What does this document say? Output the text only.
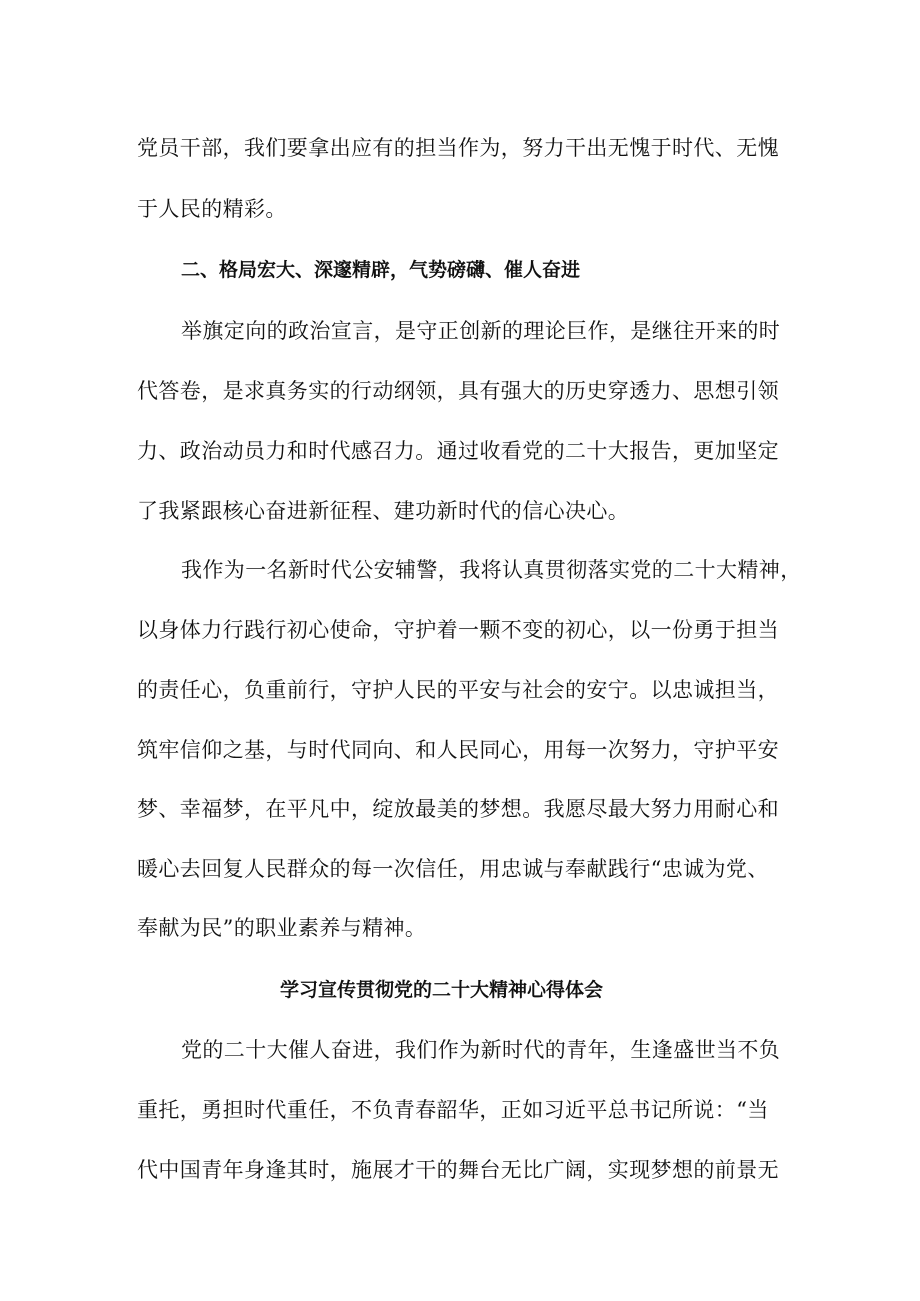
党员干部，我们要拿出应有的担当作为，努力干出无愧于时代、无愧
于人民的精彩。
二、格局宏大、深邃精辟，气势磅礴、催人奋进
举旗定向的政治宣言，是守正创新的理论巨作，是继往开来的时
代答卷，是求真务实的行动纲领，具有强大的历史穿透力、思想引领
力、政治动员力和时代感召力。通过收看党的二十大报告，更加坚定
了我紧跟核心奋进新征程、建功新时代的信心决心。
我作为一名新时代公安辅警，我将认真贯彻落实党的二十大精神，
以身体力行践行初心使命，守护着一颗不变的初心，以一份勇于担当
的责任心，负重前行，守护人民的平安与社会的安宁。以忠诚担当，
筑牢信仰之基，与时代同向、和人民同心，用每一次努力，守护平安
梦、幸福梦，在平凡中，绽放最美的梦想。我愿尽最大努力用耐心和
暖心去回复人民群众的每一次信任，用忠诚与奉献践行“忠诚为党、
奉献为民”的职业素养与精神。
学习宣传贯彻党的二十大精神心得体会
党的二十大催人奋进，我们作为新时代的青年，生逢盛世当不负
重托，勇担时代重任，不负青春韶华，正如习近平总书记所说：“当
代中国青年身逢其时，施展才干的舞台无比广阔，实现梦想的前景无
